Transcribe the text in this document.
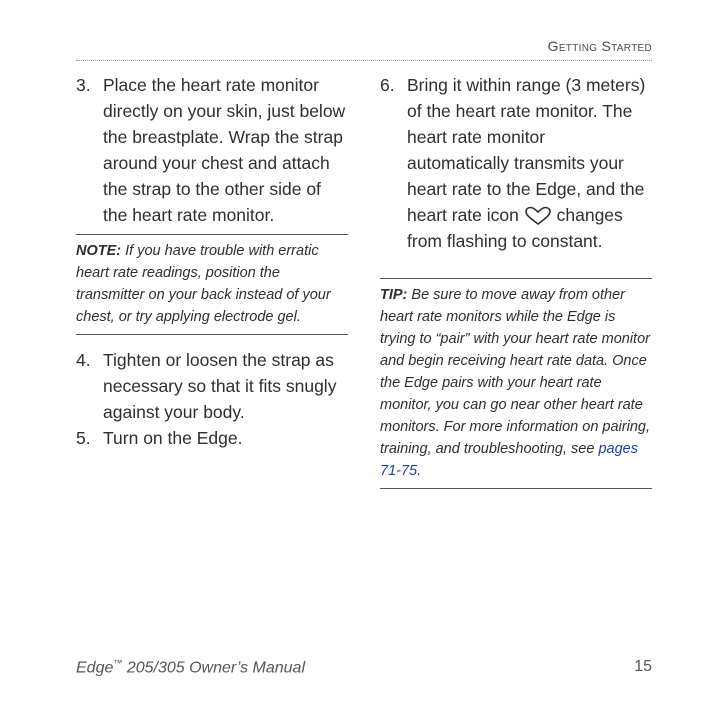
Getting Started
3. Place the heart rate monitor directly on your skin, just below the breastplate. Wrap the strap around your chest and attach the strap to the other side of the heart rate monitor.
NOTE: If you have trouble with erratic heart rate readings, position the transmitter on your back instead of your chest, or try applying electrode gel.
4. Tighten or loosen the strap as necessary so that it fits snugly against your body.
5. Turn on the Edge.
6. Bring it within range (3 meters) of the heart rate monitor. The heart rate monitor automatically transmits your heart rate to the Edge, and the heart rate icon changes from flashing to constant.
TIP: Be sure to move away from other heart rate monitors while the Edge is trying to “pair” with your heart rate monitor and begin receiving heart rate data. Once the Edge pairs with your heart rate monitor, you can go near other heart rate monitors. For more information on pairing, training, and troubleshooting, see pages 71-75.
Edge™ 205/305 Owner’s Manual	15
